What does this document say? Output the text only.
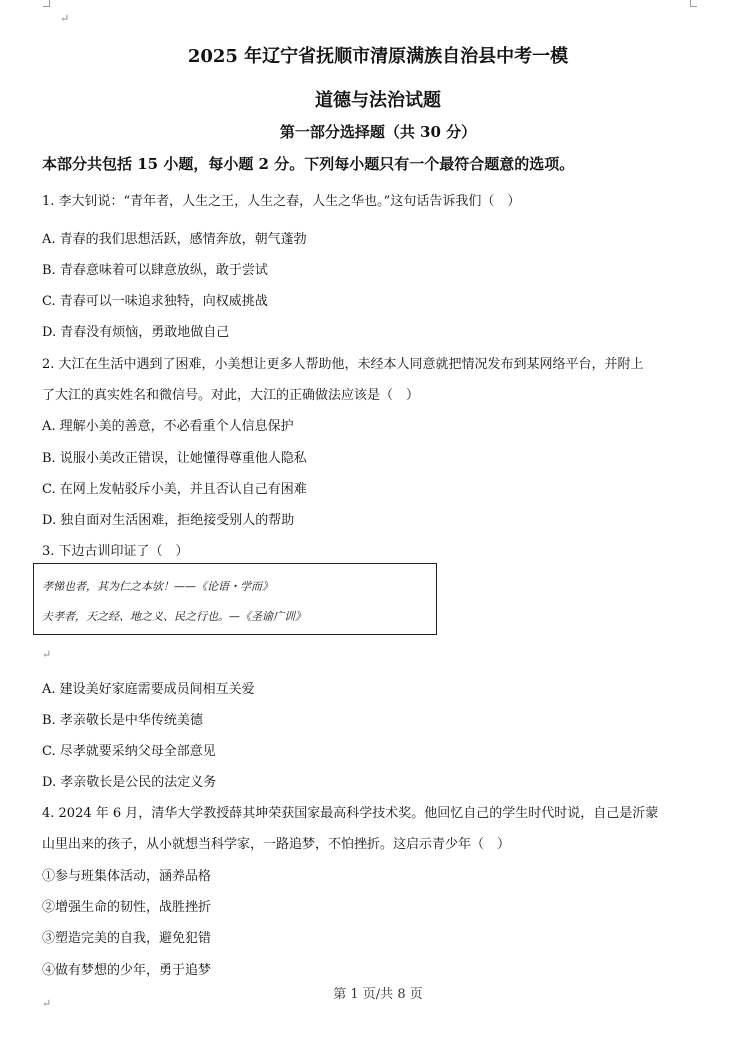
↵
2025 年辽宁省抚顺市清原满族自治县中考一模
道德与法治试题
第一部分选择题（共 30 分）
本部分共包括 15 小题，每小题 2 分。下列每小题只有一个最符合题意的选项。
1. 李大钊说：“青年者，人生之王，人生之春，人生之华也。”这句话告诉我们（　）
A. 青春的我们思想活跃，感情奔放，朝气蓬勃
B. 青春意味着可以肆意放纵，敢于尝试
C. 青春可以一味追求独特，向权威挑战
D. 青春没有烦恼，勇敢地做自己
2. 大江在生活中遇到了困难，小美想让更多人帮助他，未经本人同意就把情况发布到某网络平台，并附上
了大江的真实姓名和微信号。对此，大江的正确做法应该是（　）
A. 理解小美的善意，不必看重个人信息保护
B. 说服小美改正错误，让她懂得尊重他人隐私
C. 在网上发帖驳斥小美，并且否认自己有困难
D. 独自面对生活困难，拒绝接受别人的帮助
3. 下边古训印证了（　）
孝悌也者，其为仁之本欤！——《论语・学而》
夫孝者，天之经、地之义、民之行也。—《圣谕广训》
↵
A. 建设美好家庭需要成员间相互关爱
B. 孝亲敬长是中华传统美德
C. 尽孝就要采纳父母全部意见
D. 孝亲敬长是公民的法定义务
4. 2024 年 6 月，清华大学教授薛其坤荣获国家最高科学技术奖。他回忆自己的学生时代时说，自己是沂蒙
山里出来的孩子，从小就想当科学家，一路追梦，不怕挫折。这启示青少年（　）
①参与班集体活动，涵养品格
②增强生命的韧性，战胜挫折
③塑造完美的自我，避免犯错
④做有梦想的少年，勇于追梦
第 1 页/共 8 页
↵
